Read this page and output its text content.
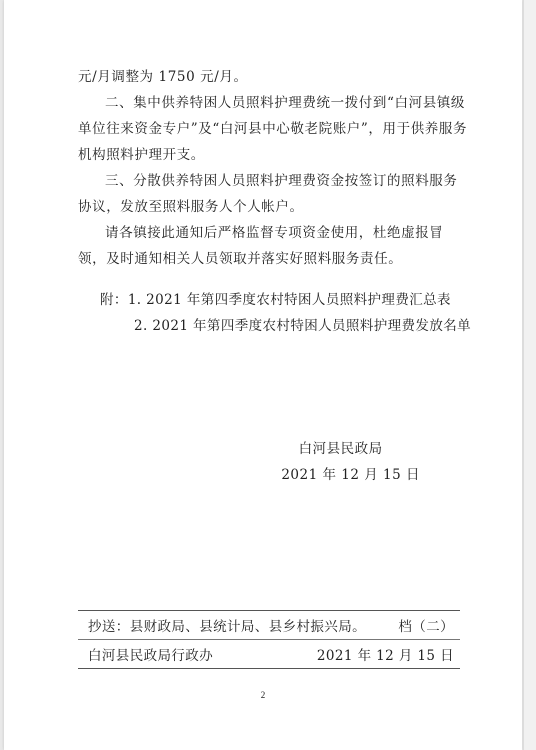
元/月调整为 1750 元/月。

二、集中供养特困人员照料护理费统一拨付到“白河县镇级单位往来资金专户”及“白河县中心敬老院账户”，用于供养服务机构照料护理开支。

三、分散供养特困人员照料护理费资金按签订的照料服务协议，发放至照料服务人个人帐户。

请各镇接此通知后严格监督专项资金使用，杜绝虚报冒领，及时通知相关人员领取并落实好照料服务责任。

附：1. 2021 年第四季度农村特困人员照料护理费汇总表
2. 2021 年第四季度农村特困人员照料护理费发放名单
白河县民政局
2021 年 12 月 15 日
抄送：县财政局、县统计局、县乡村振兴局。 档（二）
白河县民政局行政办	2021 年 12 月 15 日
2
